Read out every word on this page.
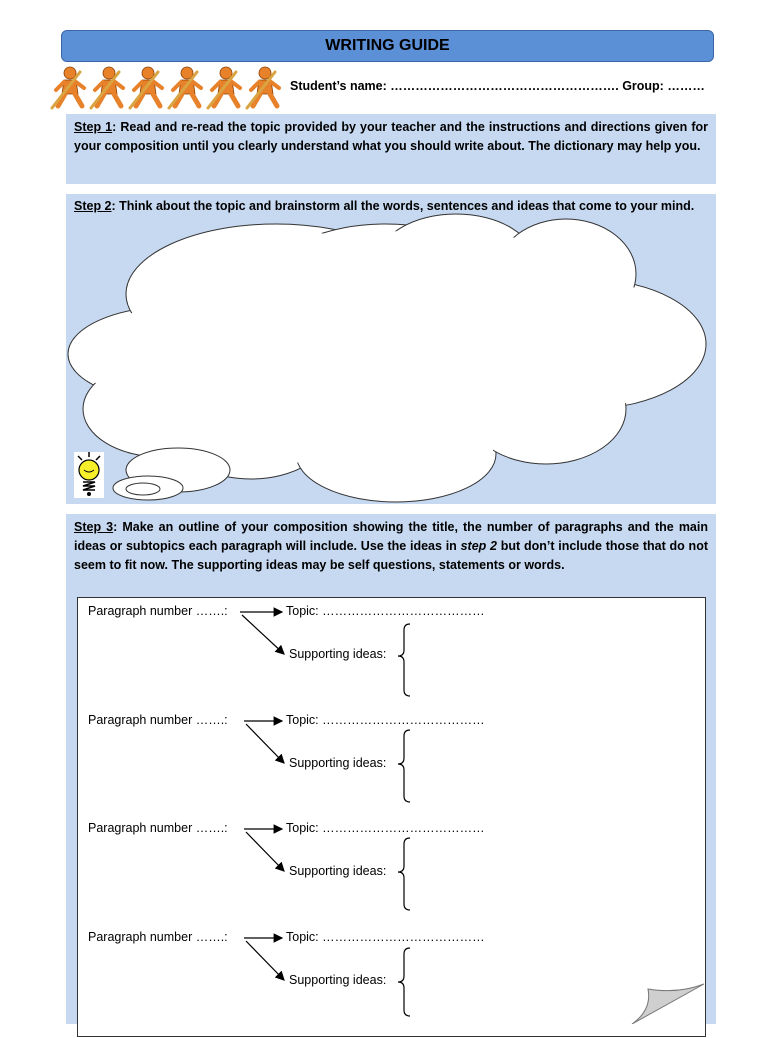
WRITING GUIDE
Student’s name: ………………………………………………. Group: ………
Step 1: Read and re-read the topic provided by your teacher and the instructions and directions given for your composition until you clearly understand what you should write about. The dictionary may help you.
Step 2: Think about the topic and brainstorm all the words, sentences and ideas that come to your mind.
Step 3: Make an outline of your composition showing the title, the number of paragraphs and the main ideas or subtopics each paragraph will include. Use the ideas in step 2 but don’t include those that do not seem to fit now. The supporting ideas may be self questions, statements or words.
Paragraph number …….:	Topic: …………………………………
Supporting ideas:
Paragraph number …….:	Topic: …………………………………
Supporting ideas:
Paragraph number …….:	Topic: …………………………………
Supporting ideas:
Paragraph number …….:	Topic: …………………………………
Supporting ideas:
